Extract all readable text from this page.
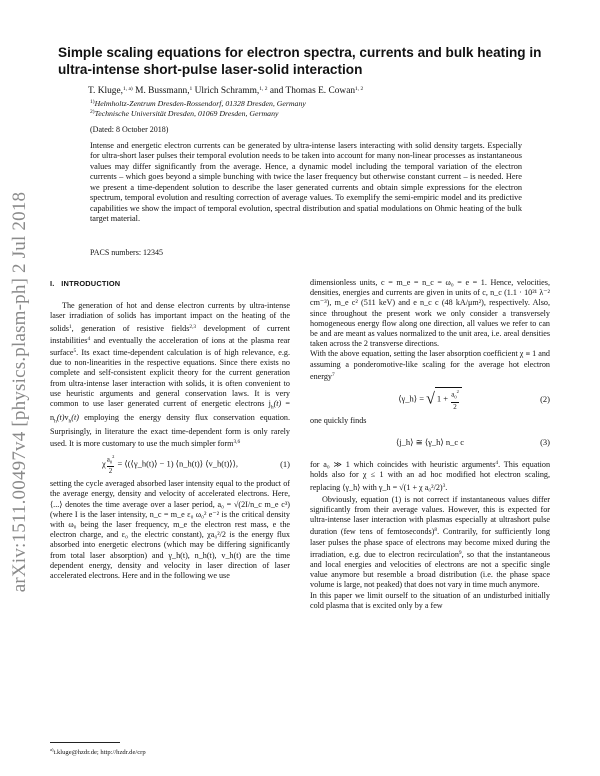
arXiv:1511.00497v4 [physics.plasm-ph] 2 Jul 2018
Simple scaling equations for electron spectra, currents and bulk heating in ultra-intense short-pulse laser-solid interaction
T. Kluge,$^{1, a)}$ M. Bussmann,$^1$ Ulrich Schramm,$^{1, 2}$ and Thomas E. Cowan$^{1, 2}$
$^{1)}$Helmholtz-Zentrum Dresden-Rossendorf, 01328 Dresden, Germany
$^{2)}$Technische Universität Dresden, 01069 Dresden, Germany
(Dated: 8 October 2018)

Intense and energetic electron currents can be generated by ultra-intense lasers interacting with solid density targets. Especially for ultra-short laser pulses their temporal evolution needs to be taken into account for many non-linear processes as instantaneous values may differ significantly from the average. Hence, a dynamic model including the temporal variation of the electron currents – which goes beyond a simple bunching with twice the laser frequency but otherwise constant current – is needed. Here we present a time-dependent solution to describe the laser generated currents and obtain simple expressions for the electron spectrum, temporal evolution and resulting correction of average values. To exemplify the semi-empiric model and its predictive capabilities we show the impact of temporal evolution, spectral distribution and spatial modulations on Ohmic heating of the bulk target material.

PACS numbers: 12345
I. INTRODUCTION

The generation of hot and dense electron currents by ultra-intense laser irradiation of solids has important impact on the heating of the solids$^1$, generation of resistive fields$^{2,3}$ development of current instabilities$^4$ and eventually the acceleration of ions at the plasma rear surface$^5$. Its exact time-dependent calculation is of high relevance, e.g. due to non-linearities in the respective equations. Since there exists no complete and self-consistent explicit theory for the current generation from ultra-intense laser interaction with solids, it is often convenient to use heuristic arguments and general conservation laws. It is very common to use laser generated current of energetic electrons $j_h(t) = n_h(t)v_h(t)$ employing the energy density flux conservation equation. Surprisingly, in literature the exact time-dependent form is only rarely used. It is more customary to use the much simpler form$^{3,6}$

χ $\frac{a_0^2}{2}$ = ⟨(⟨γ_h(t)⟩ − 1) ⟨n_h(t)⟩ ⟨v_h(t)⟩⟩,	(1)

setting the cycle averaged absorbed laser intensity equal to the product of the average energy, density and velocity of accelerated electrons. Here, ⟨...⟩ denotes the time average over a laser period, a₀ = √(2I/n_c m_e c³) (where I is the laser intensity, n_c = m_e ε₀ ω₀² e⁻² is the critical density with ω₀ being the laser frequency, m_e the electron rest mass, e the electron charge, and ε₀ the electric constant), χa₀²/2 is the energy flux absorbed into energetic electrons (which may be differing significantly from total laser absorption) and γ_h(t), n_h(t), v_h(t) are the time dependent energy, density and velocity in laser direction of laser accelerated electrons. Here and in the following we use

dimensionless units, c = m_e = n_c = ω₀ = e = 1. Hence, velocities, densities, energies and currents are given in units of c, n_c (1.1 · 10²¹ λ⁻² cm⁻³), m_e c² (511 keV) and e n_c c (48 kA/μm²), respectively. Also, since throughout the present work we only consider a transversely homogeneous energy flow along one direction, all values we refer to can be and are meant as values normalized to the unit area, i.e. areal densities taken across the 2 transverse directions.

With the above equation, setting the laser absorption coefficient χ ≡ 1 and assuming a ponderomotive-like scaling for the average hot electron energy$^7$

⟨γ_h⟩ = √ $1 + \frac{a_0^2}{2}$	(2)

one quickly finds

⟨j_h⟩ ≅ ⟨γ_h⟩ n_c c	(3)

for a₀ ≫ 1 which coincides with heuristic arguments$^4$. This equation holds also for χ ≤ 1 with an ad hoc modified hot electron scaling, replacing ⟨γ_h⟩ with γ_h = √(1 + χ a₀²/2)$^3$.

Obviously, equation (1) is not correct if instantaneous values differ significantly from their average values. However, this is expected for ultra-intense laser interaction with plasmas especially at ultrashort pulse duration (few tens of femtoseconds)$^8$. Contrarily, for sufficiently long laser pulses the phase space of electrons may become mixed during the irradiation, e.g. due to electron recirculation$^9$, so that the instantaneous and local energies and velocities of electrons are not a specific single value anymore but resemble a broad distribution (i.e. the phase space volume is large, not peaked) that does not vary in time much anymore.

In this paper we limit ourself to the situation of an undisturbed initially cold plasma that is excited only by a few

$^{a)}$t.kluge@hzdr.de; http://hzdr.de/crp
